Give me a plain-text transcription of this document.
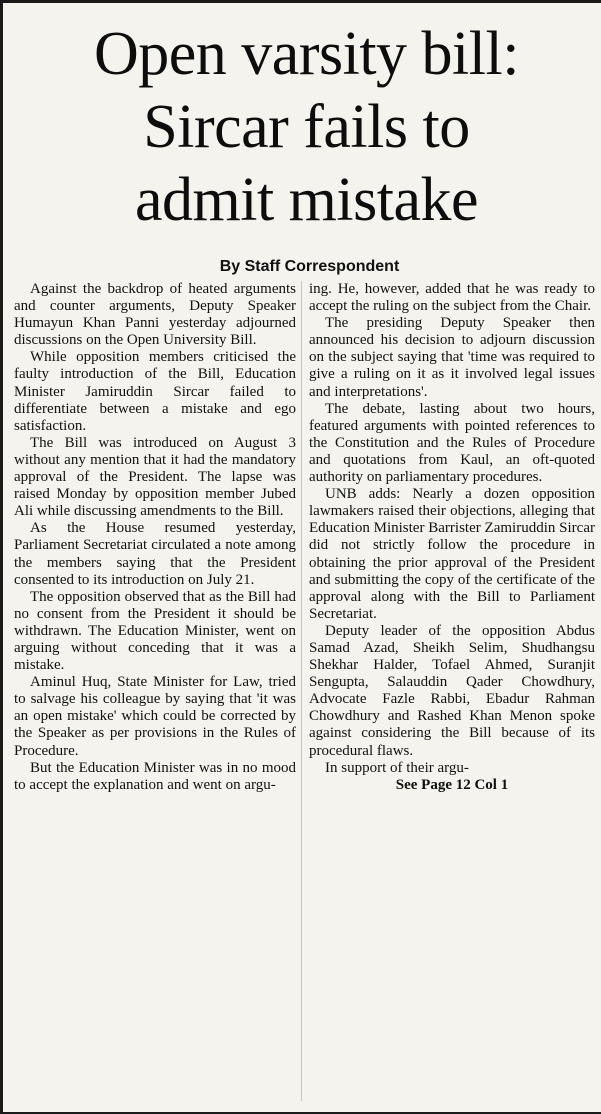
Open varsity bill:
Sircar fails to
admit mistake
By Staff Correspondent

Against the backdrop of heated arguments and counter arguments, Deputy Speaker Humayun Khan Panni yesterday adjourned discussions on the Open University Bill.

While opposition members criticised the faulty introduction of the Bill, Education Minister Jamiruddin Sircar failed to differentiate between a mistake and ego satisfaction.

The Bill was introduced on August 3 without any mention that it had the mandatory approval of the President. The lapse was raised Monday by opposition member Jubed Ali while discussing amendments to the Bill.

As the House resumed yesterday, Parliament Secretariat circulated a note among the members saying that the President consented to its introduction on July 21.

The opposition observed that as the Bill had no consent from the President it should be withdrawn. The Education Minister, went on arguing without conceding that it was a mistake.

Aminul Huq, State Minister for Law, tried to salvage his colleague by saying that 'it was an open mistake' which could be corrected by the Speaker as per provisions in the Rules of Procedure.

But the Education Minister was in no mood to accept the explanation and went on argu-

ing. He, however, added that he was ready to accept the ruling on the subject from the Chair.

The presiding Deputy Speaker then announced his decision to adjourn discussion on the subject saying that 'time was required to give a ruling on it as it involved legal issues and interpretations'.

The debate, lasting about two hours, featured arguments with pointed references to the Constitution and the Rules of Procedure and quotations from Kaul, an oft-quoted authority on parliamentary procedures.

UNB adds: Nearly a dozen opposition lawmakers raised their objections, alleging that Education Minister Barrister Zamiruddin Sircar did not strictly follow the procedure in obtaining the prior approval of the President and submitting the copy of the certificate of the approval along with the Bill to Parliament Secretariat.

Deputy leader of the opposition Abdus Samad Azad, Sheikh Selim, Shudhangsu Shekhar Halder, Tofael Ahmed, Suranjit Sengupta, Salauddin Qader Chowdhury, Advocate Fazle Rabbi, Ebadur Rahman Chowdhury and Rashed Khan Menon spoke against considering the Bill because of its procedural flaws.

In support of their argu-

See Page 12 Col 1
